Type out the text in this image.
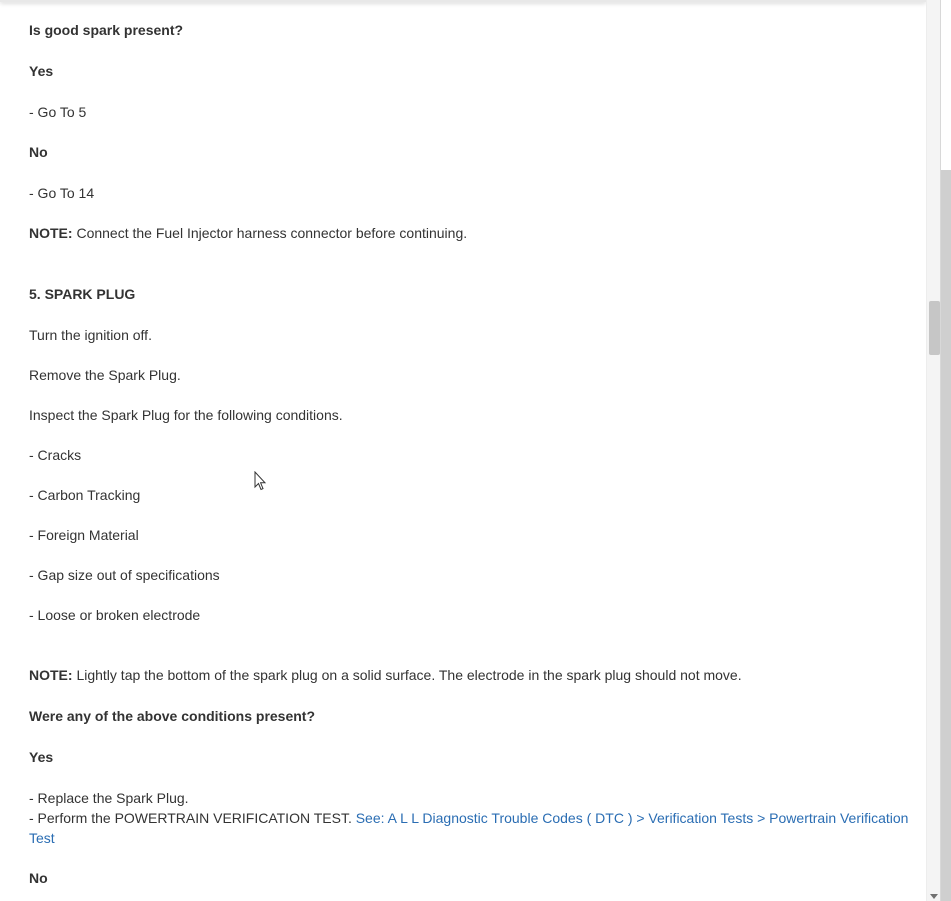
Is good spark present?
Yes
- Go To 5
No
- Go To 14
NOTE: Connect the Fuel Injector harness connector before continuing.
5. SPARK PLUG
Turn the ignition off.
Remove the Spark Plug.
Inspect the Spark Plug for the following conditions.
- Cracks
- Carbon Tracking
- Foreign Material
- Gap size out of specifications
- Loose or broken electrode
NOTE: Lightly tap the bottom of the spark plug on a solid surface. The electrode in the spark plug should not move.
Were any of the above conditions present?
Yes
- Replace the Spark Plug.
- Perform the POWERTRAIN VERIFICATION TEST. See: A L L Diagnostic Trouble Codes ( DTC ) > Verification Tests > Powertrain Verification Test
No
